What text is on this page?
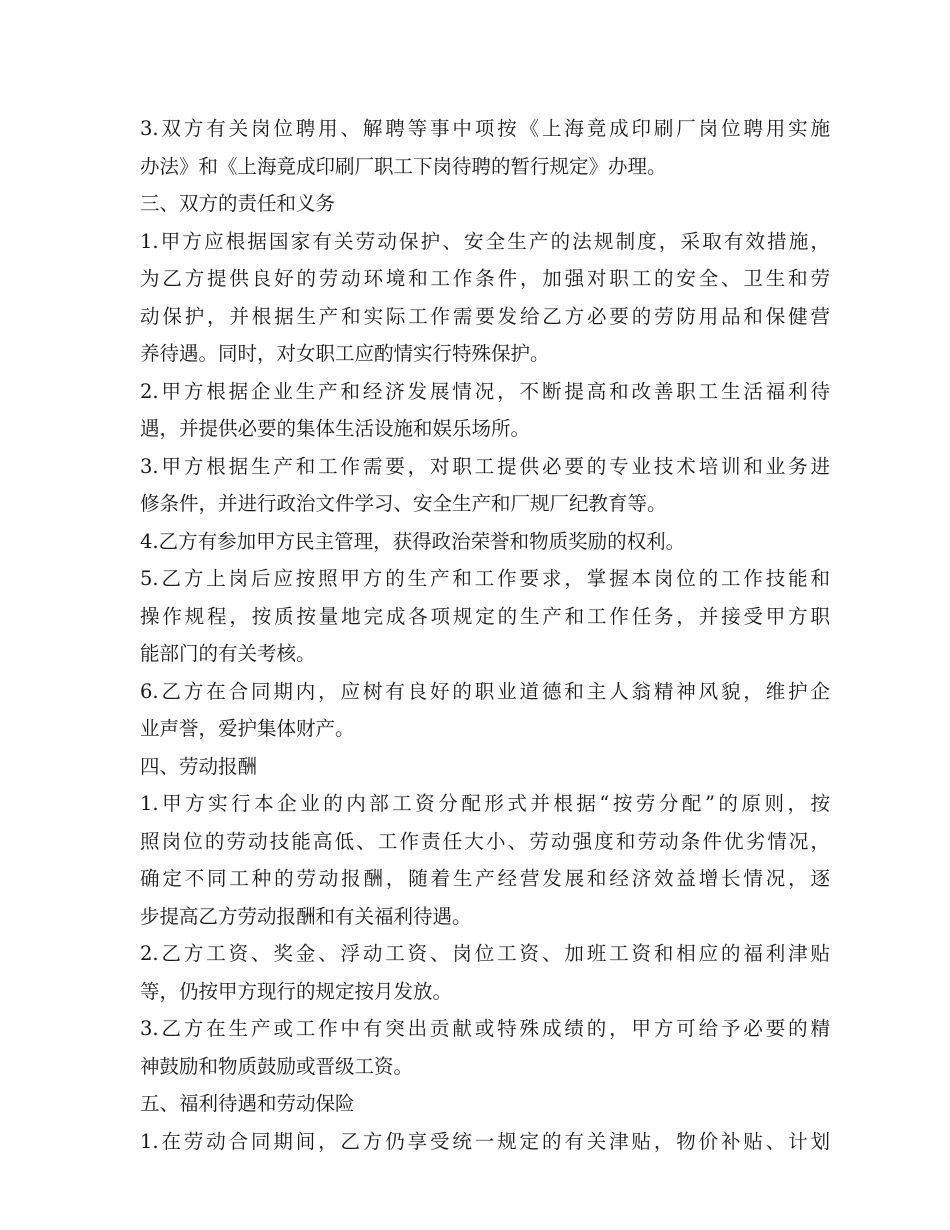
3.双方有关岗位聘用、解聘等事中项按《上海竟成印刷厂岗位聘用实施
办法》和《上海竟成印刷厂职工下岗待聘的暂行规定》办理。
三、双方的责任和义务
1.甲方应根据国家有关劳动保护、安全生产的法规制度，采取有效措施，
为乙方提供良好的劳动环境和工作条件，加强对职工的安全、卫生和劳
动保护，并根据生产和实际工作需要发给乙方必要的劳防用品和保健营
养待遇。同时，对女职工应酌情实行特殊保护。
2.甲方根据企业生产和经济发展情况，不断提高和改善职工生活福利待
遇，并提供必要的集体生活设施和娱乐场所。
3.甲方根据生产和工作需要，对职工提供必要的专业技术培训和业务进
修条件，并进行政治文件学习、安全生产和厂规厂纪教育等。
4.乙方有参加甲方民主管理，获得政治荣誉和物质奖励的权利。
5.乙方上岗后应按照甲方的生产和工作要求，掌握本岗位的工作技能和
操作规程，按质按量地完成各项规定的生产和工作任务，并接受甲方职
能部门的有关考核。
6.乙方在合同期内，应树有良好的职业道德和主人翁精神风貌，维护企
业声誉，爱护集体财产。
四、劳动报酬
1.甲方实行本企业的内部工资分配形式并根据“按劳分配”的原则，按
照岗位的劳动技能高低、工作责任大小、劳动强度和劳动条件优劣情况，
确定不同工种的劳动报酬，随着生产经营发展和经济效益增长情况，逐
步提高乙方劳动报酬和有关福利待遇。
2.乙方工资、奖金、浮动工资、岗位工资、加班工资和相应的福利津贴
等，仍按甲方现行的规定按月发放。
3.乙方在生产或工作中有突出贡献或特殊成绩的，甲方可给予必要的精
神鼓励和物质鼓励或晋级工资。
五、福利待遇和劳动保险
1.在劳动合同期间，乙方仍享受统一规定的有关津贴，物价补贴、计划
